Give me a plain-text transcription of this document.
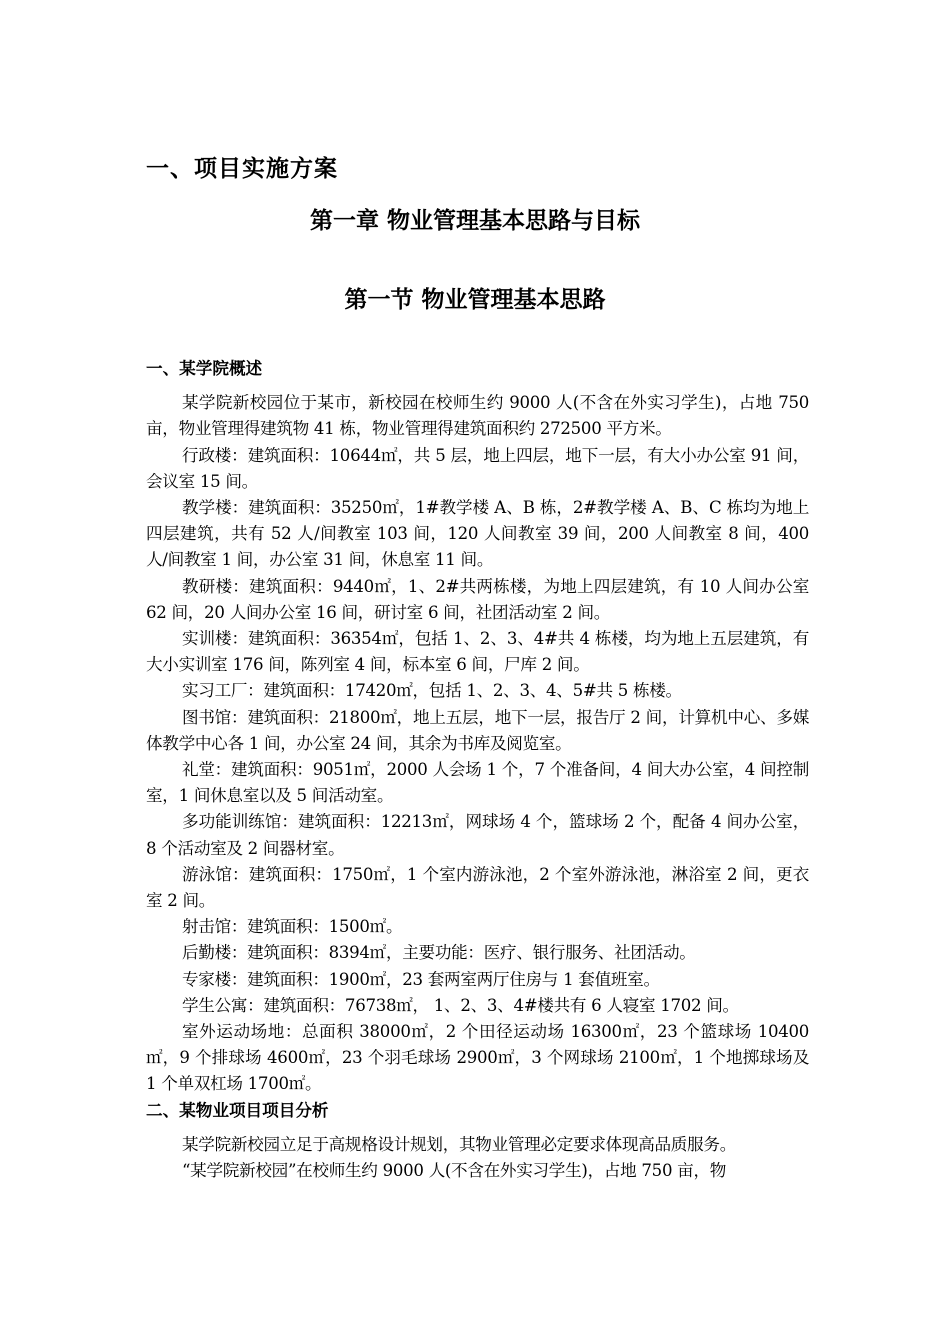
一、项目实施方案
第一章 物业管理基本思路与目标
第一节 物业管理基本思路

一、某学院概述

某学院新校园位于某市，新校园在校师生约 9000 人(不含在外实习学生)，占地 750 亩，物业管理得建筑物 41 栋，物业管理得建筑面积约 272500 平方米。

行政楼：建筑面积：10644㎡，共 5 层，地上四层，地下一层，有大小办公室 91 间，会议室 15 间。

教学楼：建筑面积：35250㎡，1#教学楼 A、B 栋，2#教学楼 A、B、C 栋均为地上四层建筑，共有 52 人/间教室 103 间，120 人间教室 39 间，200 人间教室 8 间，400 人/间教室 1 间，办公室 31 间，休息室 11 间。

教研楼：建筑面积：9440㎡，1、2#共两栋楼，为地上四层建筑，有 10 人间办公室 62 间，20 人间办公室 16 间，研讨室 6 间，社团活动室 2 间。

实训楼：建筑面积：36354㎡，包括 1、2、3、4#共 4 栋楼，均为地上五层建筑，有大小实训室 176 间，陈列室 4 间，标本室 6 间，尸库 2 间。

实习工厂：建筑面积：17420㎡，包括 1、2、3、4、5#共 5 栋楼。

图书馆：建筑面积：21800㎡，地上五层，地下一层，报告厅 2 间，计算机中心、多媒体教学中心各 1 间，办公室 24 间，其余为书库及阅览室。

礼堂：建筑面积：9051㎡，2000 人会场 1 个，7 个准备间，4 间大办公室，4 间控制室，1 间休息室以及 5 间活动室。

多功能训练馆：建筑面积：12213㎡，网球场 4 个，篮球场 2 个，配备 4 间办公室，8 个活动室及 2 间器材室。

游泳馆：建筑面积：1750㎡，1 个室内游泳池，2 个室外游泳池，淋浴室 2 间，更衣室 2 间。

射击馆：建筑面积：1500㎡。

后勤楼：建筑面积：8394㎡，主要功能：医疗、银行服务、社团活动。

专家楼：建筑面积：1900㎡，23 套两室两厅住房与 1 套值班室。

学生公寓：建筑面积：76738㎡， 1、2、3、4#楼共有 6 人寝室 1702 间。

室外运动场地：总面积 38000㎡，2 个田径运动场 16300㎡，23 个篮球场 10400㎡，9 个排球场 4600㎡，23 个羽毛球场 2900㎡，3 个网球场 2100㎡，1 个地掷球场及 1 个单双杠场 1700㎡。

二、某物业项目项目分析

某学院新校园立足于高规格设计规划，其物业管理必定要求体现高品质服务。

“某学院新校园”在校师生约 9000 人(不含在外实习学生)，占地 750 亩，物
